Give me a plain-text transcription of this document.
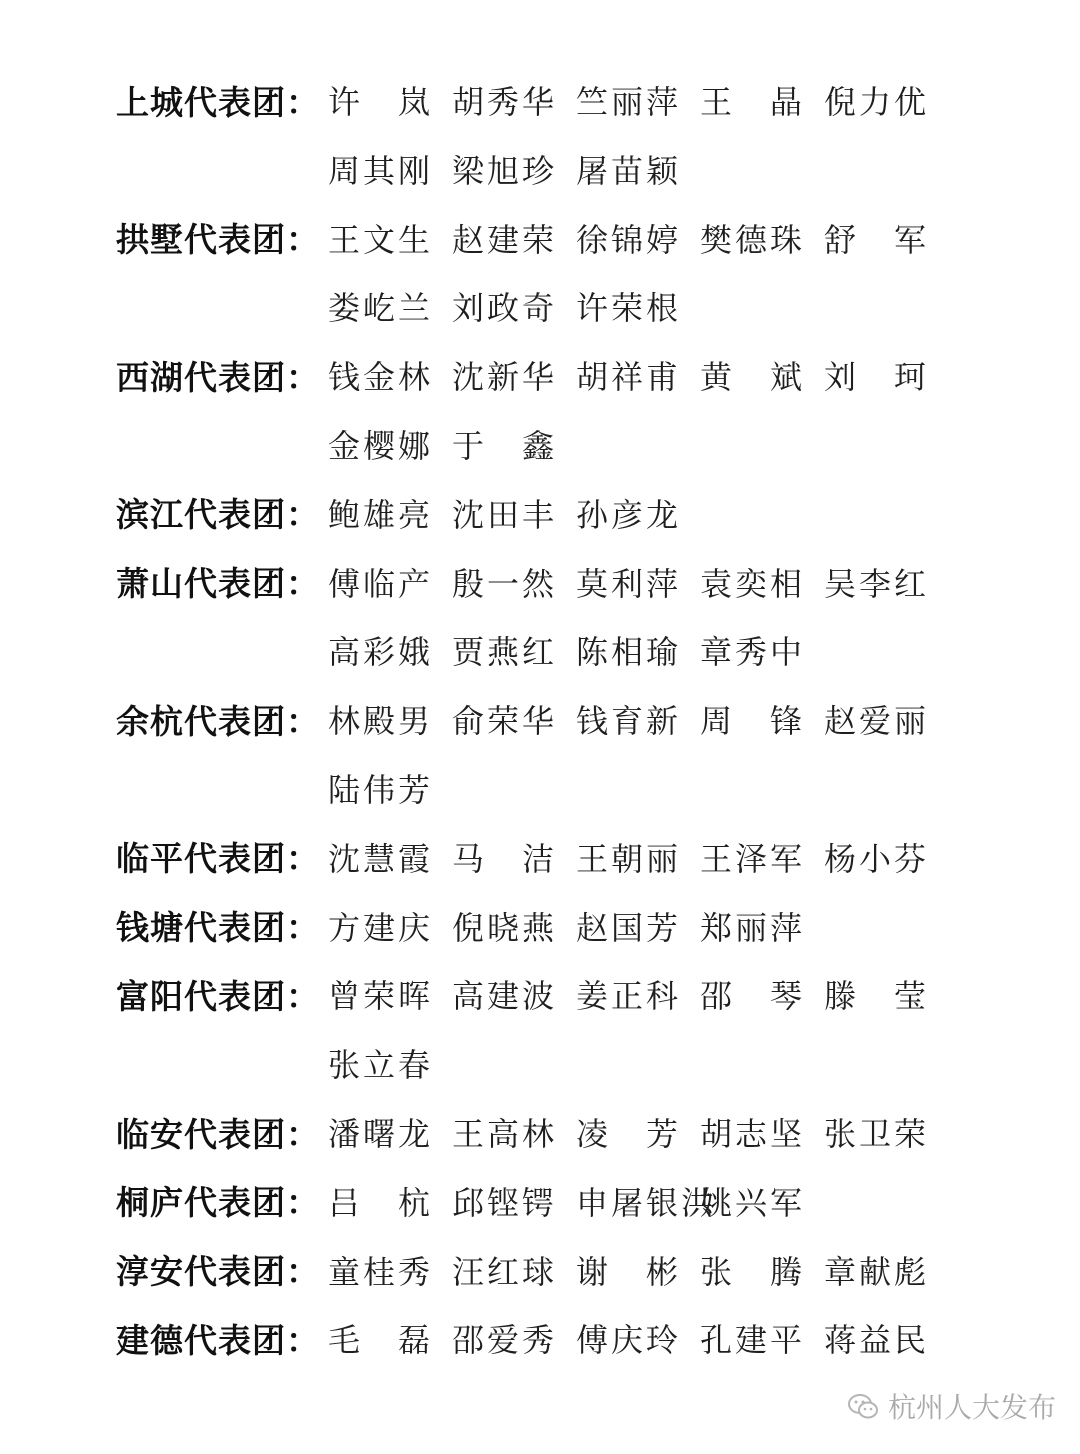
上城代表团： 许　岚 胡秀华 竺丽萍 王　晶 倪力优
周其刚 梁旭珍 屠苗颖
拱墅代表团： 王文生 赵建荣 徐锦婷 樊德珠 舒　军
娄屹兰 刘政奇 许荣根
西湖代表团： 钱金林 沈新华 胡祥甫 黄　斌 刘　珂
金樱娜 于　鑫
滨江代表团： 鲍雄亮 沈田丰 孙彦龙
萧山代表团： 傅临产 殷一然 莫利萍 袁奕相 吴李红
高彩娥 贾燕红 陈相瑜 章秀中
余杭代表团： 林殿男 俞荣华 钱育新 周　锋 赵爱丽
陆伟芳
临平代表团： 沈慧霞 马　洁 王朝丽 王泽军 杨小芬
钱塘代表团： 方建庆 倪晓燕 赵国芳 郑丽萍
富阳代表团： 曾荣晖 高建波 姜正科 邵　琴 滕　莹
张立春
临安代表团： 潘曙龙 王高林 凌　芳 胡志坚 张卫荣
桐庐代表团： 吕　杭 邱铿锷 申屠银洪
姚兴军
淳安代表团： 童桂秀 汪红球 谢　彬 张　腾 章献彪
建德代表团： 毛　磊 邵爱秀 傅庆玲 孔建平 蒋益民
杭州人大发布
